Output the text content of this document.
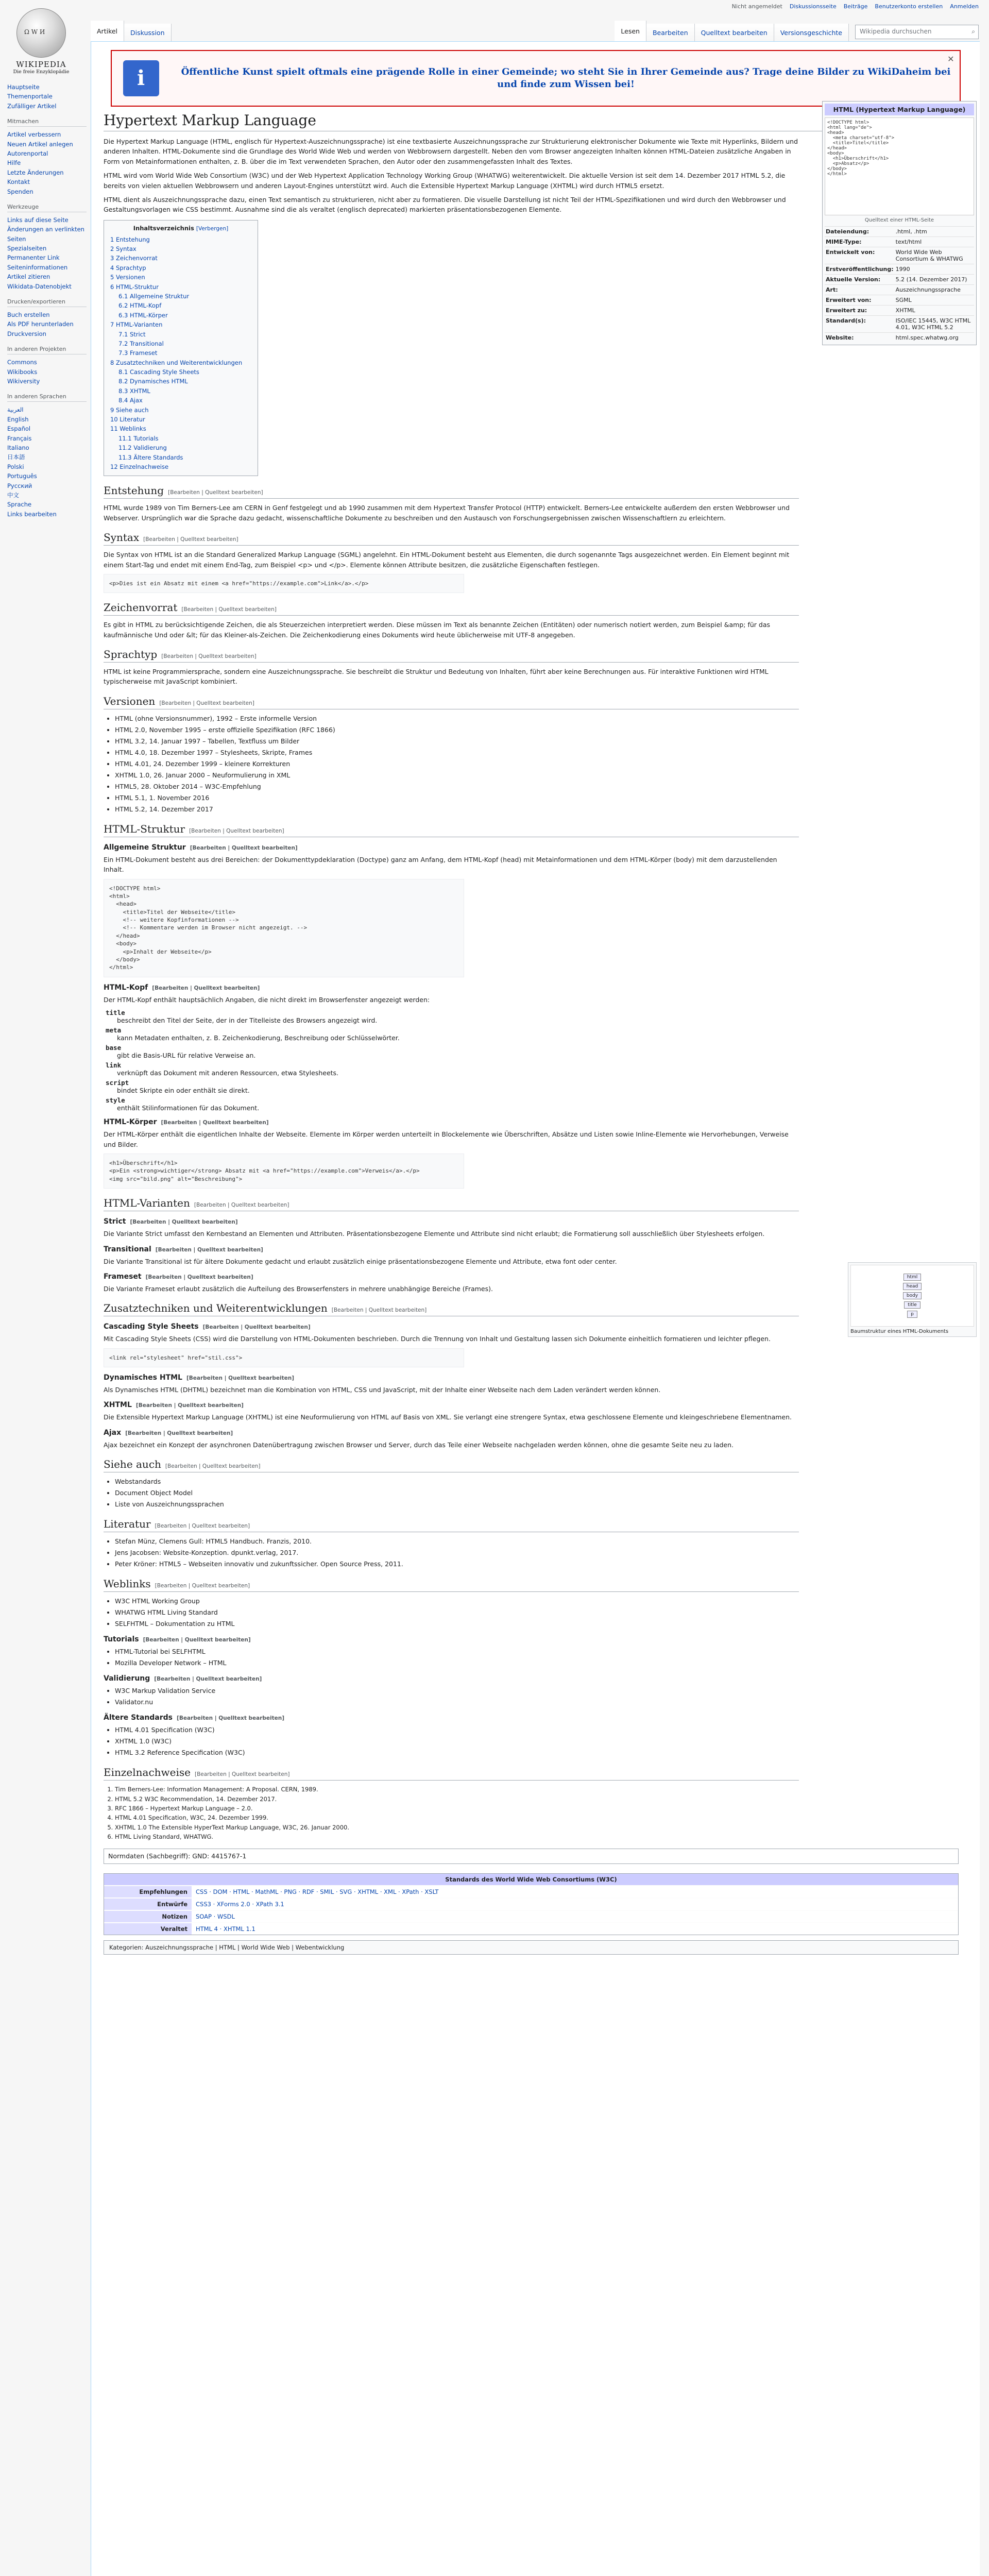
Nicht angemeldet Diskussionsseite Beiträge Benutzerkonto erstellen Anmelden
Ω W И
WIKIPEDIA
Die freie Enzyklopädie
Artikel	Diskussion	Lesen	Bearbeiten	Quelltext bearbeiten	Versionsgeschichte	Wikipedia durchsuchen	⌕
Hauptseite
Themenportale
Zufälliger Artikel
Mitmachen
Artikel verbessern
Neuen Artikel anlegen
Autorenportal
Hilfe
Letzte Änderungen
Kontakt
Spenden
Werkzeuge
Links auf diese Seite
Änderungen an verlinkten Seiten
Spezialseiten
Permanenter Link
Seiteninformationen
Artikel zitieren
Wikidata-Datenobjekt
Drucken/exportieren
Buch erstellen
Als PDF herunterladen
Druckversion
In anderen Projekten
Commons
Wikibooks
Wikiversity
In anderen Sprachen
العربية
English
Español
Français
Italiano
日本語
Polski
Português
Русский
中文
Sprache
Links bearbeiten
ℹ	Öffentliche Kunst spielt oftmals eine prägende Rolle in einer Gemeinde; wo steht Sie in Ihrer Gemeinde aus? Trage deine Bilder zu WikiDaheim bei und finde zum Wissen bei!
✕
Hypertext Markup Language

Die Hypertext Markup Language (HTML, englisch für Hypertext-Auszeichnungssprache) ist eine textbasierte Auszeichnungssprache zur Strukturierung elektronischer Dokumente wie Texte mit Hyperlinks, Bildern und anderen Inhalten. HTML-Dokumente sind die Grundlage des World Wide Web und werden von Webbrowsern dargestellt. Neben den vom Browser angezeigten Inhalten können HTML-Dateien zusätzliche Angaben in Form von Metainformationen enthalten, z. B. über die im Text verwendeten Sprachen, den Autor oder den zusammengefassten Inhalt des Textes.

HTML wird vom World Wide Web Consortium (W3C) und der Web Hypertext Application Technology Working Group (WHATWG) weiterentwickelt. Die aktuelle Version ist seit dem 14. Dezember 2017 HTML 5.2, die bereits von vielen aktuellen Webbrowsern und anderen Layout-Engines unterstützt wird. Auch die Extensible Hypertext Markup Language (XHTML) wird durch HTML5 ersetzt.

HTML dient als Auszeichnungssprache dazu, einen Text semantisch zu strukturieren, nicht aber zu formatieren. Die visuelle Darstellung ist nicht Teil der HTML-Spezifikationen und wird durch den Webbrowser und Gestaltungsvorlagen wie CSS bestimmt. Ausnahme sind die als veraltet (englisch deprecated) markierten präsentationsbezogenen Elemente.

Inhaltsverzeichnis [Verbergen]
1 Entstehung
2 Syntax
3 Zeichenvorrat
4 Sprachtyp
5 Versionen
6 HTML-Struktur
6.1 Allgemeine Struktur
6.2 HTML-Kopf
6.3 HTML-Körper
7 HTML-Varianten
7.1 Strict
7.2 Transitional
7.3 Frameset
8 Zusatztechniken und Weiterentwicklungen
8.1 Cascading Style Sheets
8.2 Dynamisches HTML
8.3 XHTML
8.4 Ajax
9 Siehe auch
10 Literatur
11 Weblinks
11.1 Tutorials
11.2 Validierung
11.3 Ältere Standards
12 Einzelnachweise
Entstehung [Bearbeiten | Quelltext bearbeiten]

HTML wurde 1989 von Tim Berners-Lee am CERN in Genf festgelegt und ab 1990 zusammen mit dem Hypertext Transfer Protocol (HTTP) entwickelt. Berners-Lee entwickelte außerdem den ersten Webbrowser und Webserver. Ursprünglich war die Sprache dazu gedacht, wissenschaftliche Dokumente zu beschreiben und den Austausch von Forschungsergebnissen zwischen Wissenschaftlern zu erleichtern.

Syntax [Bearbeiten | Quelltext bearbeiten]

Die Syntax von HTML ist an die Standard Generalized Markup Language (SGML) angelehnt. Ein HTML-Dokument besteht aus Elementen, die durch sogenannte Tags ausgezeichnet werden. Ein Element beginnt mit einem Start-Tag und endet mit einem End-Tag, zum Beispiel <p> und </p>. Elemente können Attribute besitzen, die zusätzliche Eigenschaften festlegen.

<p>Dies ist ein Absatz mit einem <a href="https://example.com">Link</a>.</p>
Zeichenvorrat [Bearbeiten | Quelltext bearbeiten]

Es gibt in HTML zu berücksichtigende Zeichen, die als Steuerzeichen interpretiert werden. Diese müssen im Text als benannte Zeichen (Entitäten) oder numerisch notiert werden, zum Beispiel &amp; für das kaufmännische Und oder &lt; für das Kleiner-als-Zeichen. Die Zeichenkodierung eines Dokuments wird heute üblicherweise mit UTF-8 angegeben.

Sprachtyp [Bearbeiten | Quelltext bearbeiten]

HTML ist keine Programmiersprache, sondern eine Auszeichnungssprache. Sie beschreibt die Struktur und Bedeutung von Inhalten, führt aber keine Berechnungen aus. Für interaktive Funktionen wird HTML typischerweise mit JavaScript kombiniert.

Versionen [Bearbeiten | Quelltext bearbeiten]
• HTML (ohne Versionsnummer), 1992 – Erste informelle Version
• HTML 2.0, November 1995 – erste offizielle Spezifikation (RFC 1866)
• HTML 3.2, 14. Januar 1997 – Tabellen, Textfluss um Bilder
• HTML 4.0, 18. Dezember 1997 – Stylesheets, Skripte, Frames
• HTML 4.01, 24. Dezember 1999 – kleinere Korrekturen
• XHTML 1.0, 26. Januar 2000 – Neuformulierung in XML
• HTML5, 28. Oktober 2014 – W3C-Empfehlung
• HTML 5.1, 1. November 2016
• HTML 5.2, 14. Dezember 2017
HTML-Struktur [Bearbeiten | Quelltext bearbeiten]
Allgemeine Struktur [Bearbeiten | Quelltext bearbeiten]

Ein HTML-Dokument besteht aus drei Bereichen: der Dokumenttypdeklaration (Doctype) ganz am Anfang, dem HTML-Kopf (head) mit Metainformationen und dem HTML-Körper (body) mit dem darzustellenden Inhalt.

<!DOCTYPE html>
<html>
<head>
<title>Titel der Webseite</title>
<!-- weitere Kopfinformationen -->
<!-- Kommentare werden im Browser nicht angezeigt. -->
</head>
<body>
<p>Inhalt der Webseite</p>
</body>
</html>
HTML-Kopf [Bearbeiten | Quelltext bearbeiten]

Der HTML-Kopf enthält hauptsächlich Angaben, die nicht direkt im Browserfenster angezeigt werden:

title
beschreibt den Titel der Seite, der in der Titelleiste des Browsers angezeigt wird.
meta
kann Metadaten enthalten, z. B. Zeichenkodierung, Beschreibung oder Schlüsselwörter.
base
gibt die Basis-URL für relative Verweise an.
link
verknüpft das Dokument mit anderen Ressourcen, etwa Stylesheets.
script
bindet Skripte ein oder enthält sie direkt.
style
enthält Stilinformationen für das Dokument.
HTML-Körper [Bearbeiten | Quelltext bearbeiten]

Der HTML-Körper enthält die eigentlichen Inhalte der Webseite. Elemente im Körper werden unterteilt in Blockelemente wie Überschriften, Absätze und Listen sowie Inline-Elemente wie Hervorhebungen, Verweise und Bilder.

<h1>Überschrift</h1>
<p>Ein <strong>wichtiger</strong> Absatz mit <a href="https://example.com">Verweis</a>.</p>
<img src="bild.png" alt="Beschreibung">
HTML-Varianten [Bearbeiten | Quelltext bearbeiten]
Strict [Bearbeiten | Quelltext bearbeiten]

Die Variante Strict umfasst den Kernbestand an Elementen und Attributen. Präsentationsbezogene Elemente und Attribute sind nicht erlaubt; die Formatierung soll ausschließlich über Stylesheets erfolgen.

Transitional [Bearbeiten | Quelltext bearbeiten]

Die Variante Transitional ist für ältere Dokumente gedacht und erlaubt zusätzlich einige präsentationsbezogene Elemente und Attribute, etwa font oder center.

Frameset [Bearbeiten | Quelltext bearbeiten]

Die Variante Frameset erlaubt zusätzlich die Aufteilung des Browserfensters in mehrere unabhängige Bereiche (Frames).

Zusatztechniken und Weiterentwicklungen [Bearbeiten | Quelltext bearbeiten]
Cascading Style Sheets [Bearbeiten | Quelltext bearbeiten]

Mit Cascading Style Sheets (CSS) wird die Darstellung von HTML-Dokumenten beschrieben. Durch die Trennung von Inhalt und Gestaltung lassen sich Dokumente einheitlich formatieren und leichter pflegen.

<link rel="stylesheet" href="stil.css">
Dynamisches HTML [Bearbeiten | Quelltext bearbeiten]

Als Dynamisches HTML (DHTML) bezeichnet man die Kombination von HTML, CSS und JavaScript, mit der Inhalte einer Webseite nach dem Laden verändert werden können.

XHTML [Bearbeiten | Quelltext bearbeiten]

Die Extensible Hypertext Markup Language (XHTML) ist eine Neuformulierung von HTML auf Basis von XML. Sie verlangt eine strengere Syntax, etwa geschlossene Elemente und kleingeschriebene Elementnamen.

Ajax [Bearbeiten | Quelltext bearbeiten]

Ajax bezeichnet ein Konzept der asynchronen Datenübertragung zwischen Browser und Server, durch das Teile einer Webseite nachgeladen werden können, ohne die gesamte Seite neu zu laden.

Siehe auch [Bearbeiten | Quelltext bearbeiten]
• Webstandards
• Document Object Model
• Liste von Auszeichnungssprachen
Literatur [Bearbeiten | Quelltext bearbeiten]
• Stefan Münz, Clemens Gull: HTML5 Handbuch. Franzis, 2010.
• Jens Jacobsen: Website-Konzeption. dpunkt.verlag, 2017.
• Peter Kröner: HTML5 – Webseiten innovativ und zukunftssicher. Open Source Press, 2011.
Weblinks [Bearbeiten | Quelltext bearbeiten]
• W3C HTML Working Group
• WHATWG HTML Living Standard
• SELFHTML – Dokumentation zu HTML
Tutorials [Bearbeiten | Quelltext bearbeiten]
• HTML-Tutorial bei SELFHTML
• Mozilla Developer Network – HTML
Validierung [Bearbeiten | Quelltext bearbeiten]
• W3C Markup Validation Service
• Validator.nu
Ältere Standards [Bearbeiten | Quelltext bearbeiten]
• HTML 4.01 Specification (W3C)
• XHTML 1.0 (W3C)
• HTML 3.2 Reference Specification (W3C)
Einzelnachweise [Bearbeiten | Quelltext bearbeiten]
1. Tim Berners-Lee: Information Management: A Proposal. CERN, 1989.
2. HTML 5.2 W3C Recommendation, 14. Dezember 2017.
3. RFC 1866 – Hypertext Markup Language – 2.0.
4. HTML 4.01 Specification, W3C, 24. Dezember 1999.
5. XHTML 1.0 The Extensible HyperText Markup Language, W3C, 26. Januar 2000.
6. HTML Living Standard, WHATWG.
Normdaten (Sachbegriff): GND: 4415767-1
Standards des World Wide Web Consortiums (W3C)
Empfehlungen	CSS · DOM · HTML · MathML · PNG · RDF · SMIL · SVG · XHTML · XML · XPath · XSLT
Entwürfe	CSS3 · XForms 2.0 · XPath 3.1
Notizen	SOAP · WSDL
Veraltet	HTML 4 · XHTML 1.1
Kategorien: Auszeichnungssprache | HTML | World Wide Web | Webentwicklung
HTML (Hypertext Markup Language)
<!DOCTYPE html>
<html lang="de">
<head>
<meta charset="utf-8">
<title>Titel</title>
</head>
<body>
<h1>Überschrift</h1>
<p>Absatz</p>
</body>
</html>
Quelltext einer HTML-Seite
Dateiendung:	.html, .htm
MIME-Type:	text/html
Entwickelt von:	World Wide Web Consortium & WHATWG
Erstveröffentlichung:	1990
Aktuelle Version:	5.2 (14. Dezember 2017)
Art:	Auszeichnungssprache
Erweitert von:	SGML
Erweitert zu:	XHTML
Standard(s):	ISO/IEC 15445, W3C HTML 4.01, W3C HTML 5.2
Website:	html.spec.whatwg.org
html
head
body
title
p
Baumstruktur eines HTML-Dokuments
